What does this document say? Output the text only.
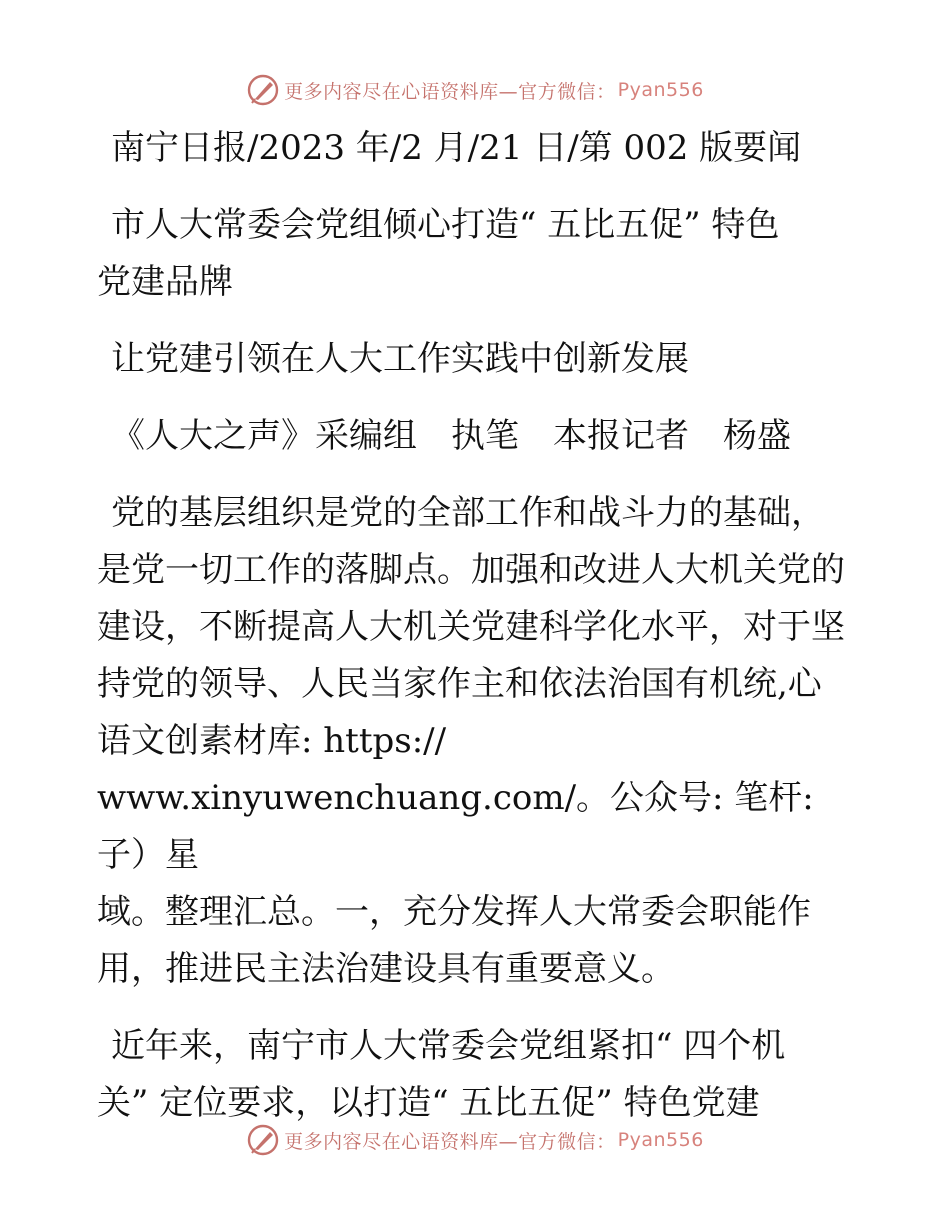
更多内容尽在心语资料库—官方微信： Pyan556

南宁日报/2023 年/2 月/21 日/第 002 版要闻

市人大常委会党组倾心打造“ 五比五促” 特色

党建品牌

让党建引领在人大工作实践中创新发展

《人大之声》采编组　执笔　本报记者　杨盛

党的基层组织是党的全部工作和战斗力的基础，

是党一切工作的落脚点。加强和改进人大机关党的

建设，不断提高人大机关党建科学化水平，对于坚

持党的领导、人民当家作主和依法治国有机统,心

语文创素材库: https://

www.xinyuwenchuang.com/。公众号: 笔杆:子）星

域。整理汇总。一，充分发挥人大常委会职能作

用，推进民主法治建设具有重要意义。

近年来，南宁市人大常委会党组紧扣“ 四个机

关” 定位要求，以打造“ 五比五促” 特色党建

更多内容尽在心语资料库—官方微信： Pyan556
